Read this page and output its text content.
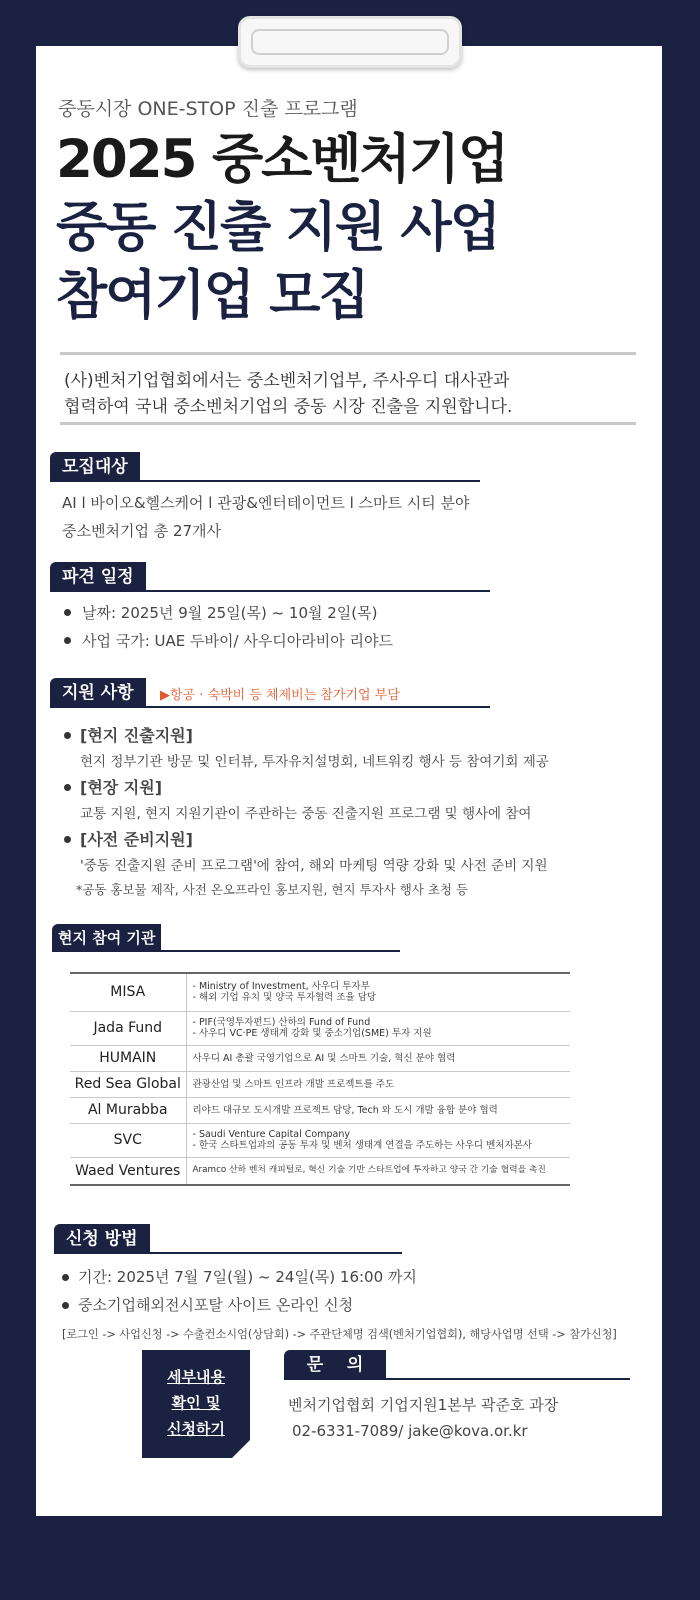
중동시장 ONE-STOP 진출 프로그램
2025 중소벤처기업
중동 진출 지원 사업
참여기업 모집
(사)벤처기업협회에서는 중소벤처기업부, 주사우디 대사관과
협력하여 국내 중소벤처기업의 중동 시장 진출을 지원합니다.
모집대상
AI l 바이오&헬스케어 l 관광&엔터테이먼트 l 스마트 시티 분야
중소벤처기업 총 27개사
파견 일정
날짜: 2025년 9월 25일(목) ~ 10월 2일(목)
사업 국가: UAE 두바이/ 사우디아라비아 리야드
지원 사항	▶항공 · 숙박비 등 체제비는 참가기업 부담
[현지 진출지원]
현지 정부기관 방문 및 인터뷰, 투자유치설명회, 네트워킹 행사 등 참여기회 제공
[현장 지원]
교통 지원, 현지 지원기관이 주관하는 중동 진출지원 프로그램 및 행사에 참여
[사전 준비지원]
'중동 진출지원 준비 프로그램'에 참여, 해외 마케팅 역량 강화 및 사전 준비 지원
*공동 홍보물 제작, 사전 온오프라인 홍보지원, 현지 투자사 행사 초청 등
현지 참여 기관
MISA	- Ministry of Investment, 사우디 투자부
- 해외 기업 유치 및 양국 투자협력 조율 담당

Jada Fund	- PIF(국영투자펀드) 산하의 Fund of Fund
- 사우디 VC·PE 생태계 강화 및 중소기업(SME) 투자 지원

HUMAIN	사우디 AI 총괄 국영기업으로 AI 및 스마트 기술, 혁신 분야 협력

Red Sea Global	관광산업 및 스마트 인프라 개발 프로젝트를 주도

Al Murabba	리야드 대규모 도시개발 프로젝트 담당, Tech 와 도시 개발 융합 분야 협력

SVC	- Saudi Venture Capital Company
- 한국 스타트업과의 공동 투자 및 벤처 생태계 연결을 주도하는 사우디 벤처자본사

Waed Ventures	Aramco 산하 벤처 캐피털로, 혁신 기술 기반 스타트업에 투자하고 양국 간 기술 협력을 촉진
신청 방법
기간: 2025년 7월 7일(월) ~ 24일(목) 16:00 까지
중소기업해외전시포탈 사이트 온라인 신청
[로그인 -> 사업신청 -> 수출컨소시엄(상담회) -> 주관단체명 검색(벤처기업협회), 해당사업명 선택 -> 참가신청]
세부내용
확인 및
신청하기
문    의
벤처기업협회 기업지원1본부 곽준호 과장
02-6331-7089/ jake@kova.or.kr
